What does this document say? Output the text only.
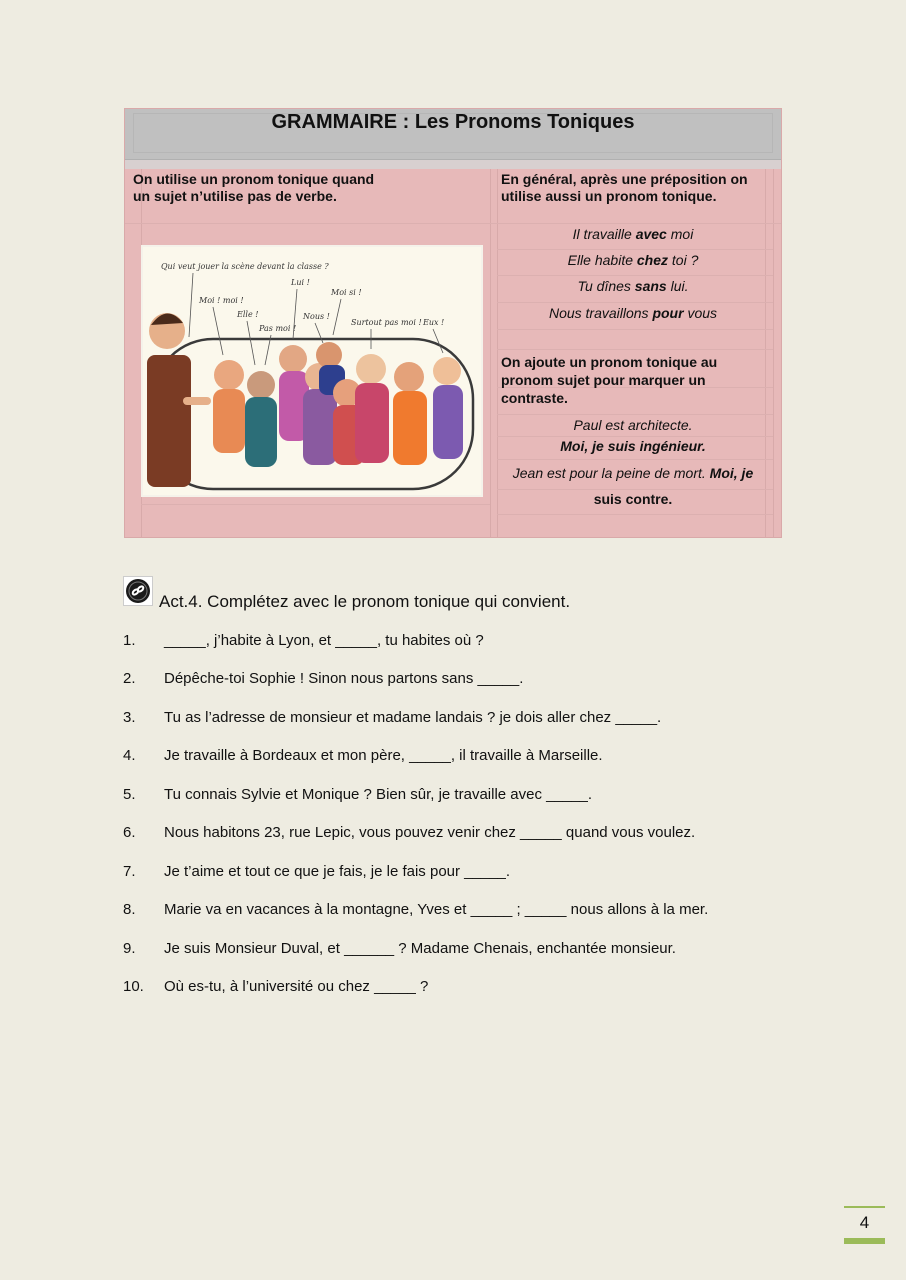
GRAMMAIRE : Les Pronoms Toniques
On utilise un pronom tonique quand
un sujet n’utilise pas de verbe.
En général, après une préposition on
utilise aussi un pronom tonique.
Qui veut jouer la scène devant la classe ?
Moi ! moi !
Elle !
Pas moi !
Lui !
Nous !
Moi si !
Surtout pas moi ! Eux !
Il travaille avec moi
Elle habite chez toi ?
Tu dînes sans lui.
Nous travaillons pour vous
On ajoute un pronom tonique au
pronom sujet pour marquer un
contraste.
Paul est architecte.
Moi, je suis ingénieur.
Jean est pour la peine de mort. Moi, je
suis contre.
Act.4. Complétez avec le pronom tonique qui convient.
1. _____, j’habite à Lyon, et _____, tu habites où ?
2. Dépêche-toi Sophie ! Sinon nous partons sans _____.
3. Tu as l’adresse de monsieur et madame landais ? je dois aller chez _____.
4. Je travaille à Bordeaux et mon père, _____, il travaille à Marseille.
5. Tu connais Sylvie et Monique ? Bien sûr, je travaille avec _____.
6. Nous habitons 23, rue Lepic, vous pouvez venir chez _____ quand vous voulez.
7. Je t’aime et tout ce que je fais, je le fais pour _____.
8. Marie va en vacances à la montagne, Yves et _____ ; _____ nous allons à la mer.
9. Je suis Monsieur Duval, et ______ ? Madame Chenais, enchantée monsieur.
10. Où es-tu, à l’université ou chez _____ ?
4
